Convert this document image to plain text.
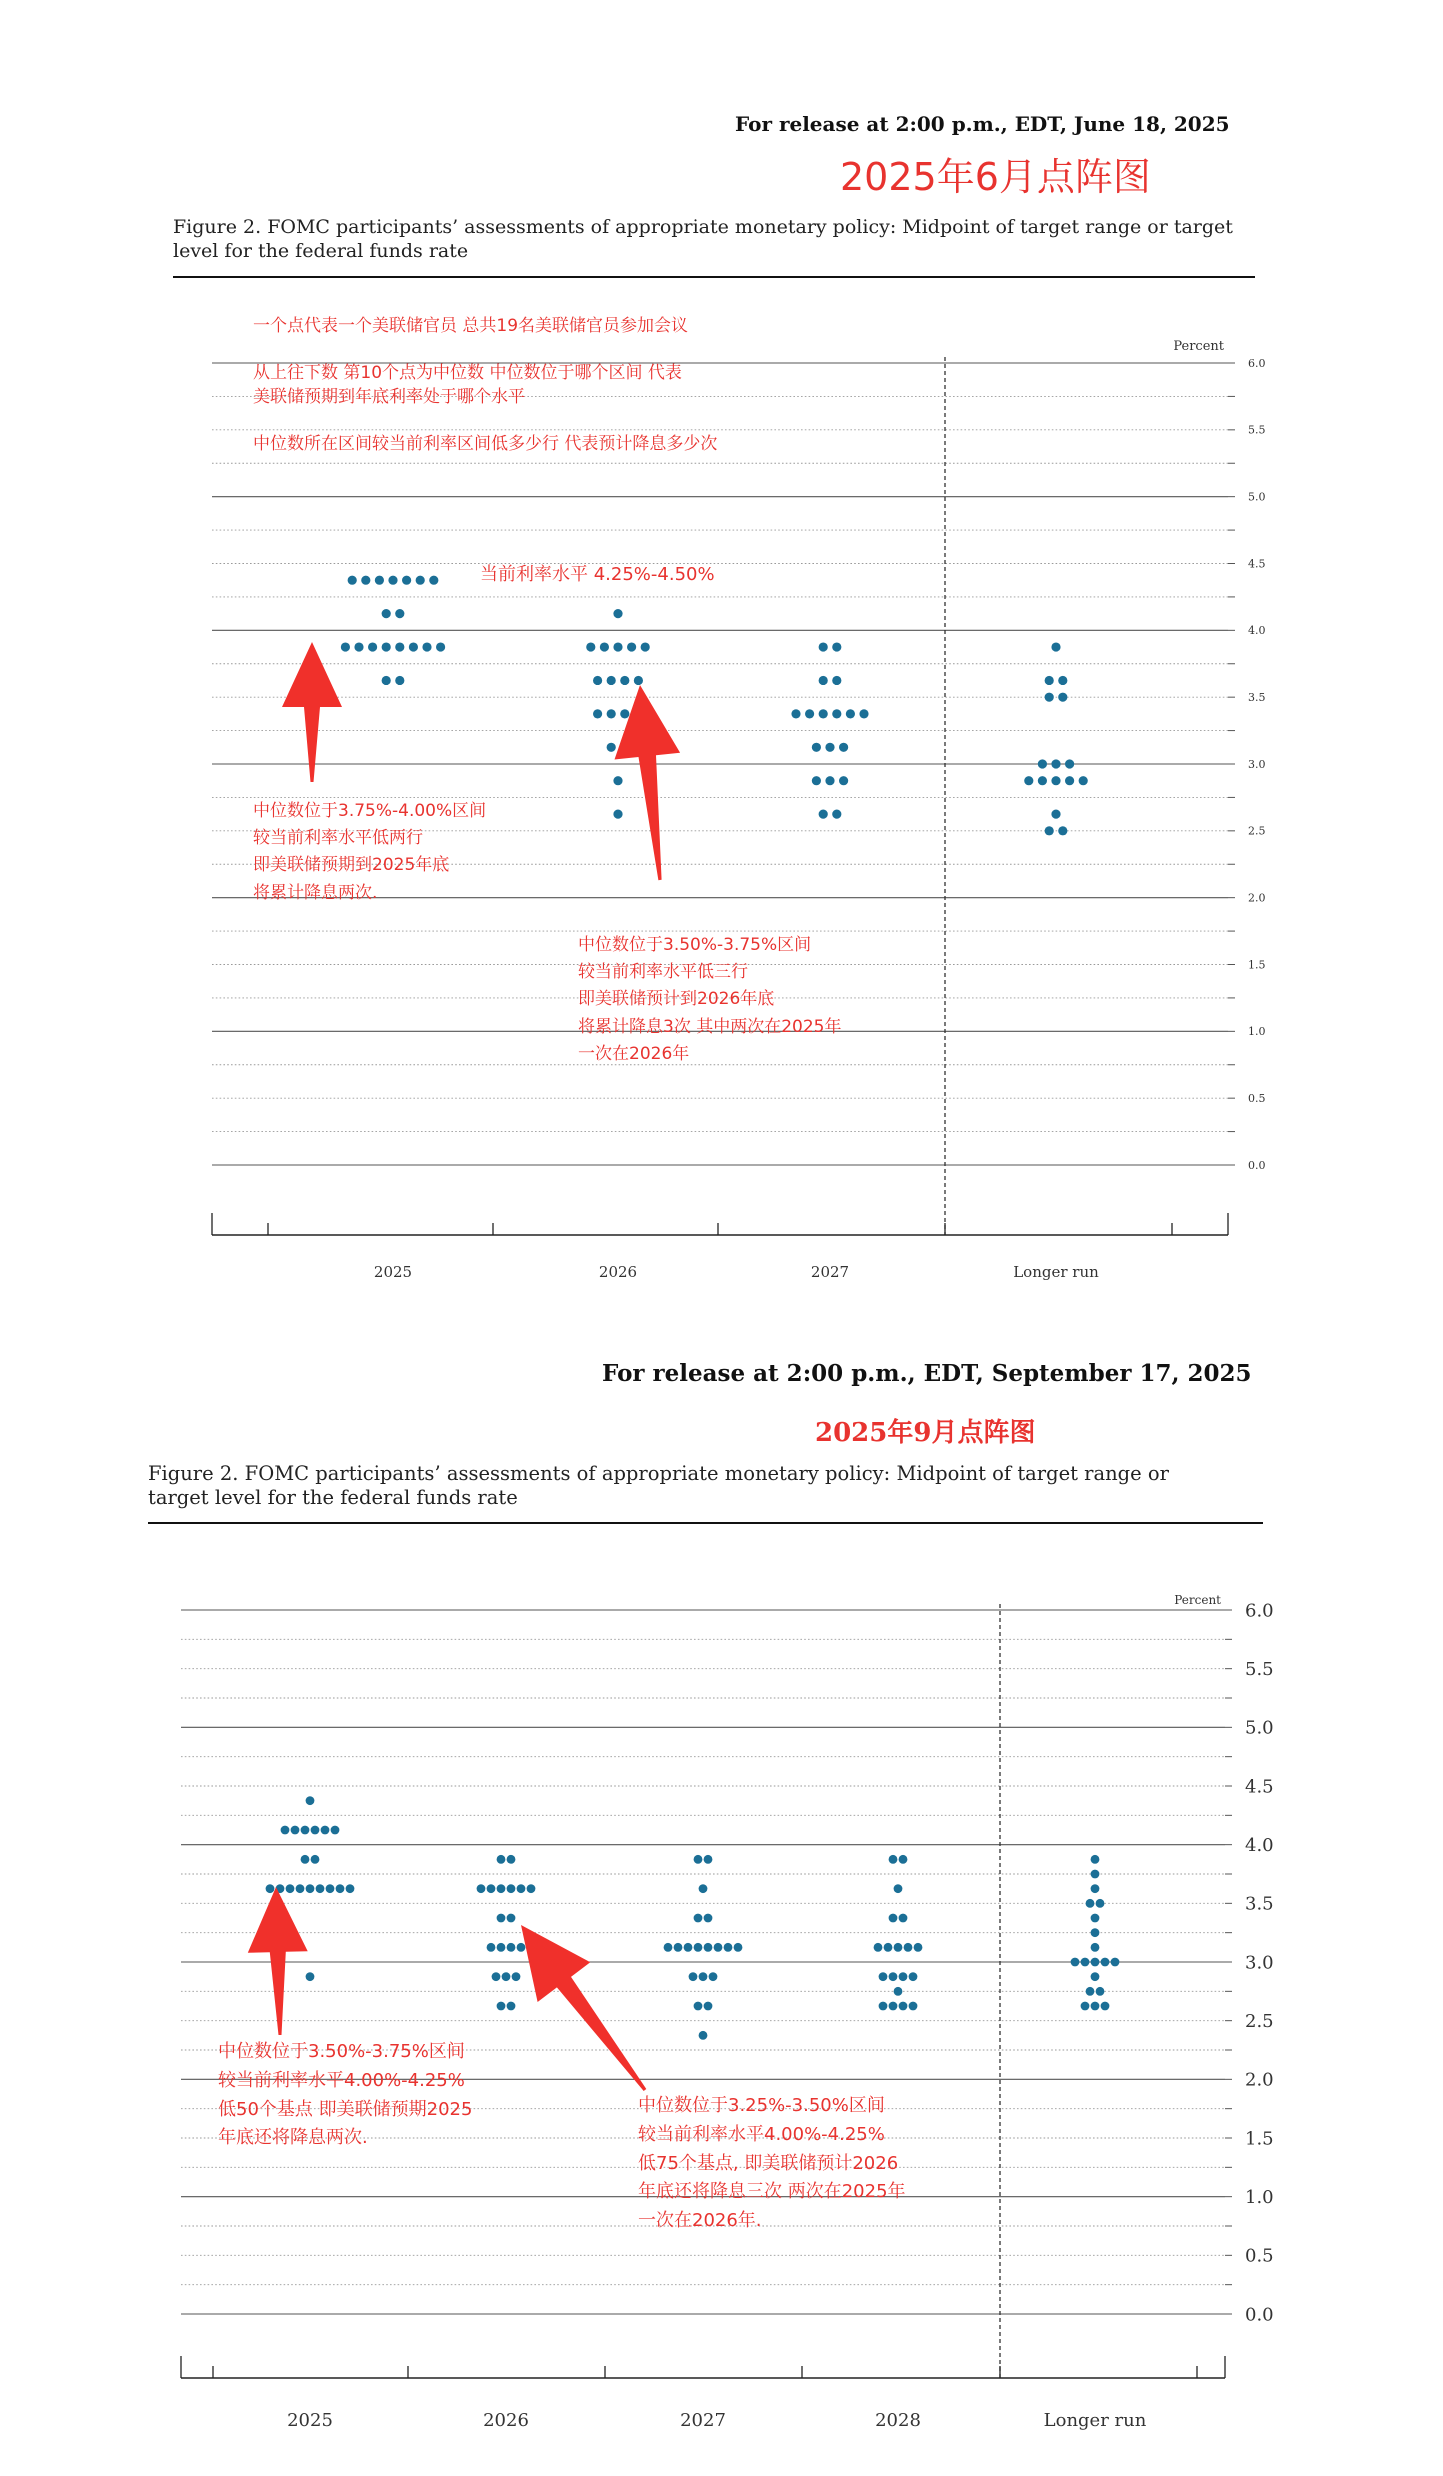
For release at 2:00 p.m., EDT, June 18, 2025
2025年6月点阵图
Figure 2. FOMC participants’ assessments of appropriate monetary policy: Midpoint of target range or target level for the federal funds rate
0.0
0.5
1.0
1.5
2.0
2.5
3.0
3.5
4.0
4.5
5.0
5.5
6.0
Percent
2025	2026	2027	Longer run
一个点代表一个美联储官员 总共19名美联储官员参加会议
从上往下数 第10个点为中位数 中位数位于哪个区间 代表
美联储预期到年底利率处于哪个水平
中位数所在区间较当前利率区间低多少行 代表预计降息多少次
当前利率水平 4.25%-4.50%
中位数位于3.75%-4.00%区间
较当前利率水平低两行
即美联储预期到2025年底
将累计降息两次.
中位数位于3.50%-3.75%区间
较当前利率水平低三行
即美联储预计到2026年底
将累计降息3次 其中两次在2025年
一次在2026年
For release at 2:00 p.m., EDT, September 17, 2025
2025年9月点阵图
Figure 2. FOMC participants’ assessments of appropriate monetary policy: Midpoint of target range or target level for the federal funds rate
0.0
0.5
1.0
1.5
2.0
2.5
3.0
3.5
4.0
4.5
5.0
5.5
6.0
Percent
2025	2026	2027	2028	Longer run
中位数位于3.50%-3.75%区间
较当前利率水平4.00%-4.25%
低50个基点 即美联储预期2025
年底还将降息两次.
中位数位于3.25%-3.50%区间
较当前利率水平4.00%-4.25%
低75个基点, 即美联储预计2026
年底还将降息三次 两次在2025年
一次在2026年.
